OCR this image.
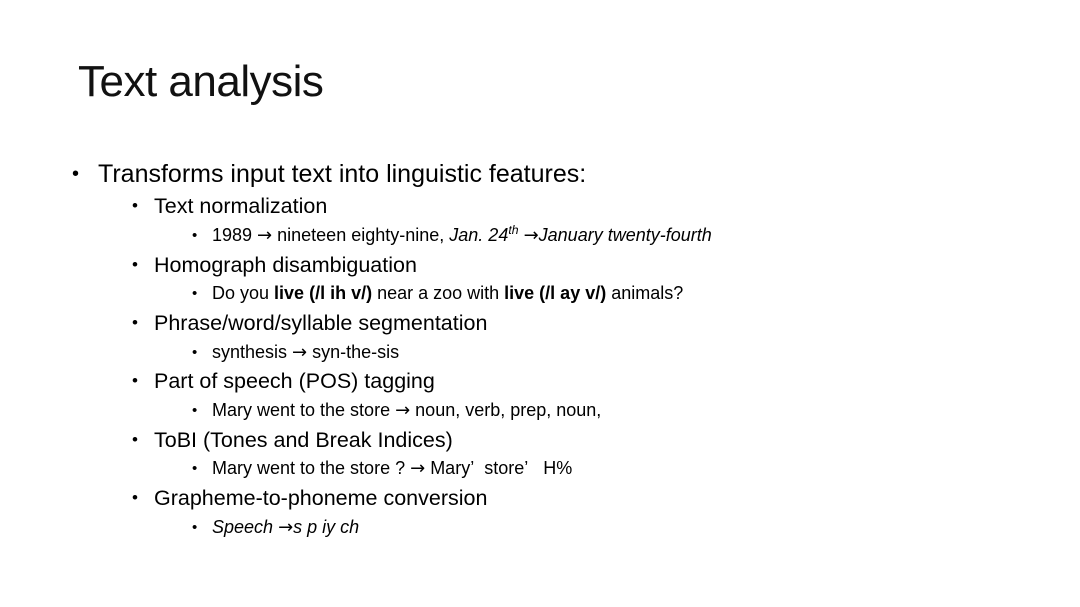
Text analysis
• Transforms input text into linguistic features:
• Text normalization
• 1989 → nineteen eighty-nine, Jan. 24th →January twenty-fourth
• Homograph disambiguation
• Do you live (/l ih v/) near a zoo with live (/l ay v/) animals?
• Phrase/word/syllable segmentation
• synthesis → syn-the-sis
• Part of speech (POS) tagging
• Mary went to the store → noun, verb, prep, noun,
• ToBI (Tones and Break Indices)
• Mary went to the store ? → Mary’  store’   H%
• Grapheme-to-phoneme conversion
• Speech →s p iy ch
